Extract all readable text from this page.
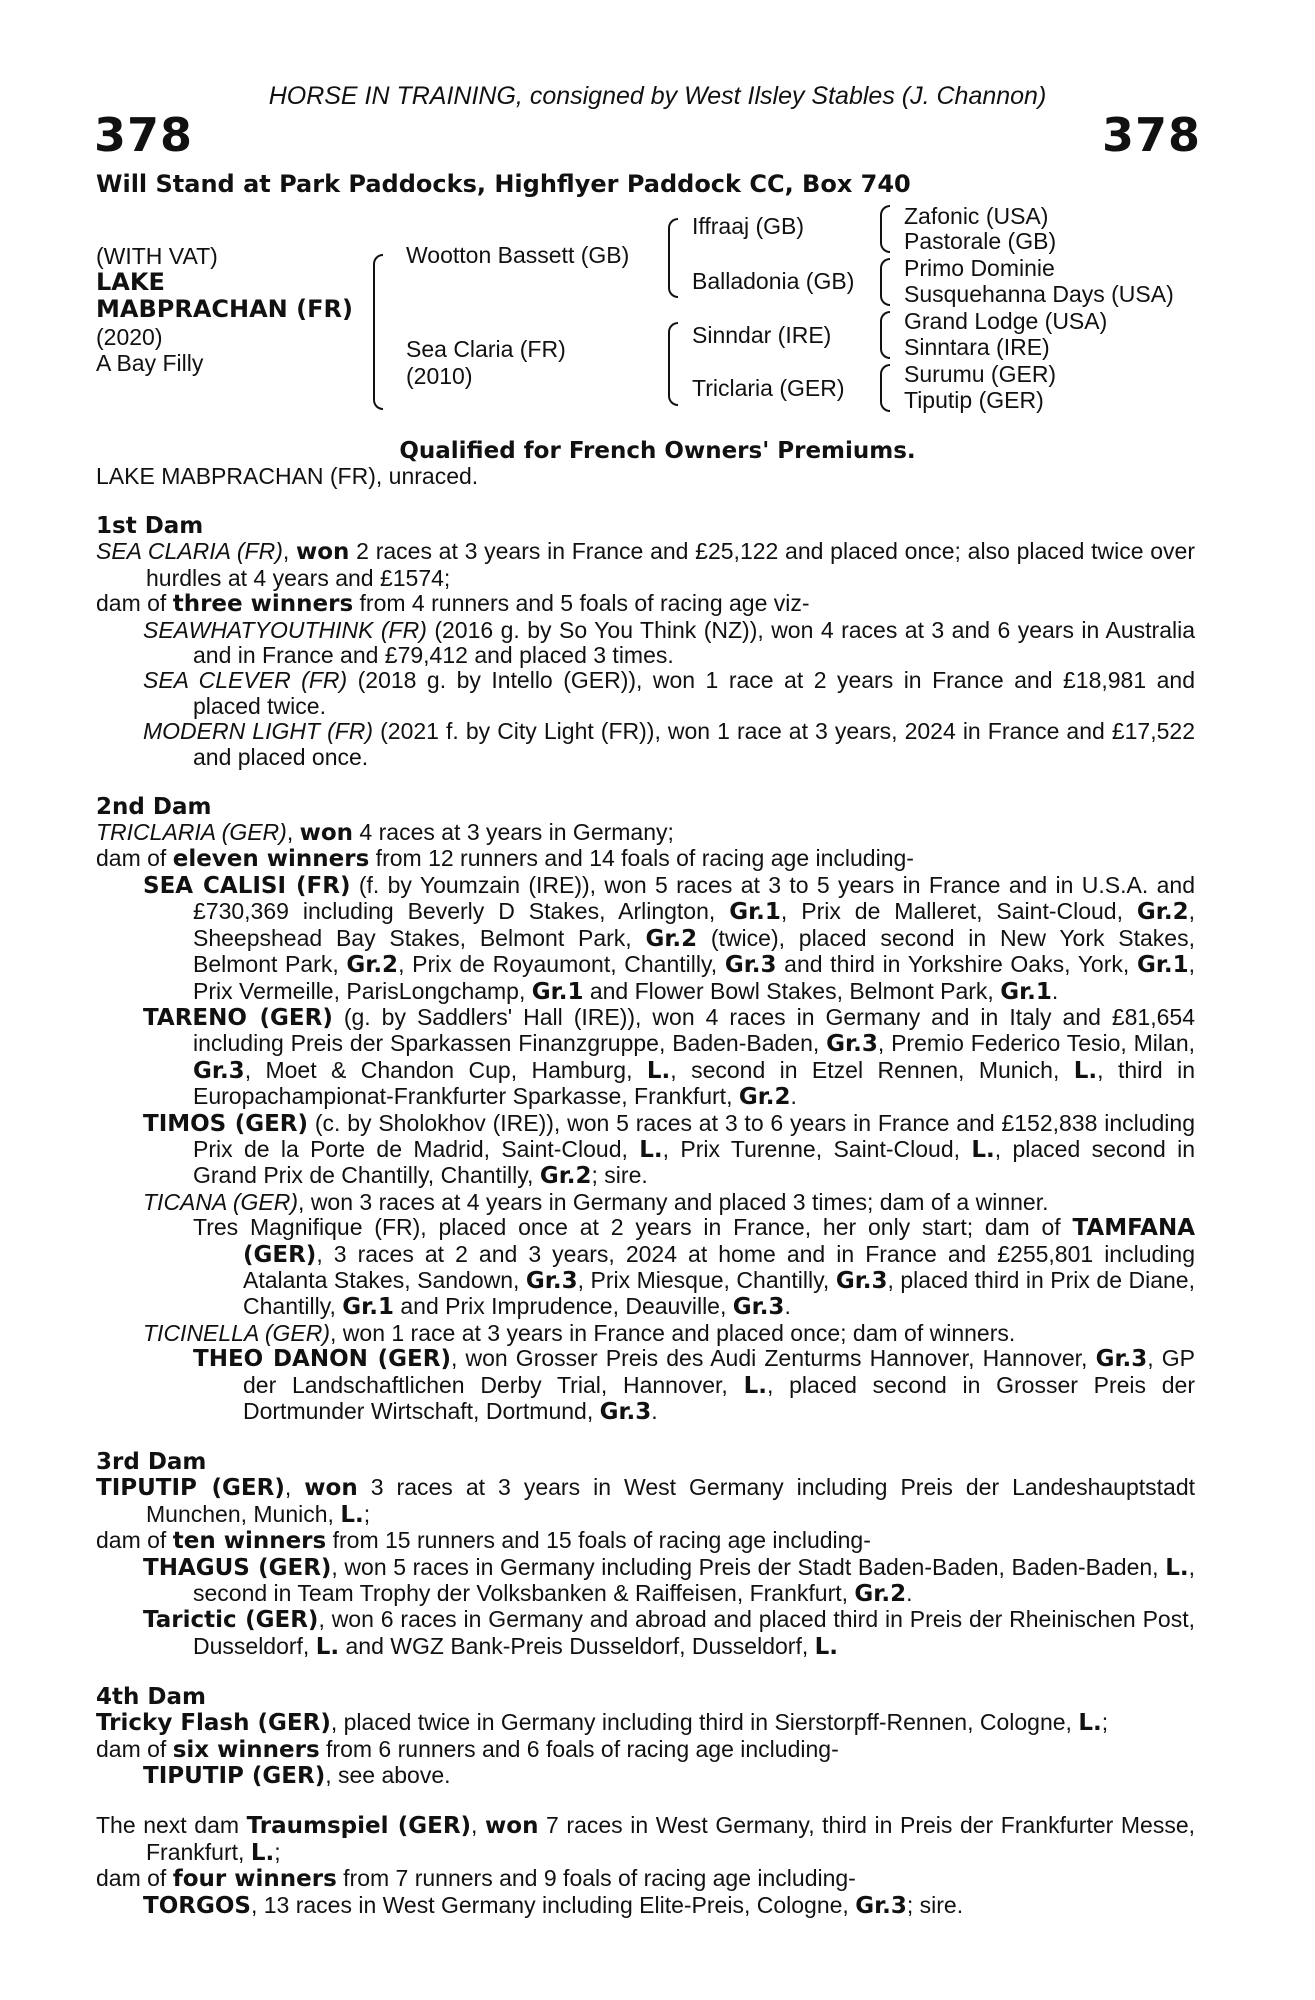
HORSE IN TRAINING, consigned by West Ilsley Stables (J. Channon)
378	378
Will Stand at Park Paddocks, Highflyer Paddock CC, Box 740
(WITH VAT)
LAKE
MABPRACHAN (FR)
(2020)
A Bay Filly
Wootton Bassett (GB)
Sea Claria (FR)
(2010)
Iffraaj (GB)
Balladonia (GB)
Sinndar (IRE)
Triclaria (GER)
Zafonic (USA)
Pastorale (GB)
Primo Dominie
Susquehanna Days (USA)
Grand Lodge (USA)
Sinntara (IRE)
Surumu (GER)
Tiputip (GER)
Qualified for French Owners' Premiums.

LAKE MABPRACHAN (FR), unraced.

1st Dam

SEA CLARIA (FR), won 2 races at 3 years in France and £25,122 and placed once; also placed twice over hurdles at 4 years and £1574;

dam of three winners from 4 runners and 5 foals of racing age viz-

SEAWHATYOUTHINK (FR) (2016 g. by So You Think (NZ)), won 4 races at 3 and 6 years in Australia and in France and £79,412 and placed 3 times.

SEA CLEVER (FR) (2018 g. by Intello (GER)), won 1 race at 2 years in France and £18,981 and placed twice.

MODERN LIGHT (FR) (2021 f. by City Light (FR)), won 1 race at 3 years, 2024 in France and £17,522 and placed once.

2nd Dam

TRICLARIA (GER), won 4 races at 3 years in Germany;

dam of eleven winners from 12 runners and 14 foals of racing age including-

SEA CALISI (FR) (f. by Youmzain (IRE)), won 5 races at 3 to 5 years in France and in U.S.A. and £730,369 including Beverly D Stakes, Arlington, Gr.1, Prix de Malleret, Saint-Cloud, Gr.2, Sheepshead Bay Stakes, Belmont Park, Gr.2 (twice), placed second in New York Stakes, Belmont Park, Gr.2, Prix de Royaumont, Chantilly, Gr.3 and third in Yorkshire Oaks, York, Gr.1, Prix Vermeille, ParisLongchamp, Gr.1 and Flower Bowl Stakes, Belmont Park, Gr.1.

TARENO (GER) (g. by Saddlers' Hall (IRE)), won 4 races in Germany and in Italy and £81,654 including Preis der Sparkassen Finanzgruppe, Baden-Baden, Gr.3, Premio Federico Tesio, Milan, Gr.3, Moet & Chandon Cup, Hamburg, L., second in Etzel Rennen, Munich, L., third in Europachampionat-Frankfurter Sparkasse, Frankfurt, Gr.2.

TIMOS (GER) (c. by Sholokhov (IRE)), won 5 races at 3 to 6 years in France and £152,838 including Prix de la Porte de Madrid, Saint-Cloud, L., Prix Turenne, Saint-Cloud, L., placed second in Grand Prix de Chantilly, Chantilly, Gr.2; sire.

TICANA (GER), won 3 races at 4 years in Germany and placed 3 times; dam of a winner.

Tres Magnifique (FR), placed once at 2 years in France, her only start; dam of TAMFANA (GER), 3 races at 2 and 3 years, 2024 at home and in France and £255,801 including Atalanta Stakes, Sandown, Gr.3, Prix Miesque, Chantilly, Gr.3, placed third in Prix de Diane, Chantilly, Gr.1 and Prix Imprudence, Deauville, Gr.3.

TICINELLA (GER), won 1 race at 3 years in France and placed once; dam of winners.

THEO DANON (GER), won Grosser Preis des Audi Zenturms Hannover, Hannover, Gr.3, GP der Landschaftlichen Derby Trial, Hannover, L., placed second in Grosser Preis der Dortmunder Wirtschaft, Dortmund, Gr.3.

3rd Dam

TIPUTIP (GER), won 3 races at 3 years in West Germany including Preis der Landeshauptstadt Munchen, Munich, L.;

dam of ten winners from 15 runners and 15 foals of racing age including-

THAGUS (GER), won 5 races in Germany including Preis der Stadt Baden-Baden, Baden-Baden, L., second in Team Trophy der Volksbanken & Raiffeisen, Frankfurt, Gr.2.

Tarictic (GER), won 6 races in Germany and abroad and placed third in Preis der Rheinischen Post, Dusseldorf, L. and WGZ Bank-Preis Dusseldorf, Dusseldorf, L.

4th Dam

Tricky Flash (GER), placed twice in Germany including third in Sierstorpff-Rennen, Cologne, L.;

dam of six winners from 6 runners and 6 foals of racing age including-

TIPUTIP (GER), see above.

The next dam Traumspiel (GER), won 7 races in West Germany, third in Preis der Frankfurter Messe, Frankfurt, L.;

dam of four winners from 7 runners and 9 foals of racing age including-

TORGOS, 13 races in West Germany including Elite-Preis, Cologne, Gr.3; sire.
